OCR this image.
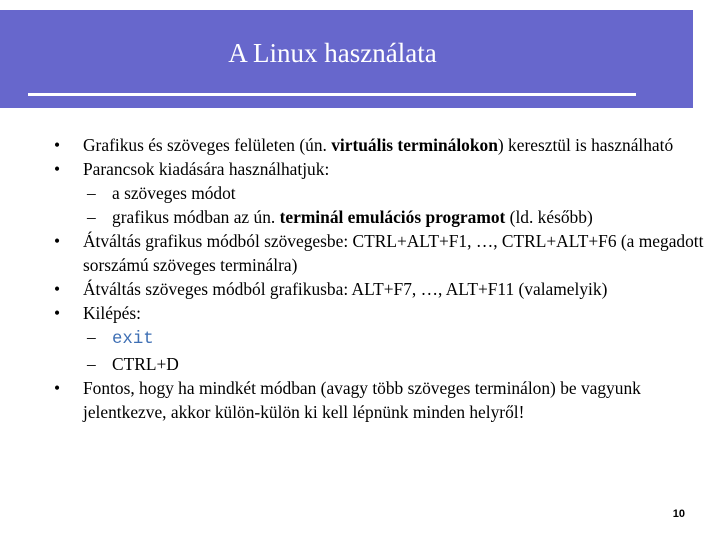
A Linux használata

• Grafikus és szöveges felületen (ún. virtuális terminálokon) keresztül is használható

• Parancsok kiadására használhatjuk:

– a szöveges módot

– grafikus módban az ún. terminál emulációs programot (ld. később)

• Átváltás grafikus módból szövegesbe: CTRL+ALT+F1, …, CTRL+ALT+F6 (a megadott sorszámú szöveges terminálra)

• Átváltás szöveges módból grafikusba: ALT+F7, …, ALT+F11 (valamelyik)

• Kilépés:

– exit

– CTRL+D

• Fontos, hogy ha mindkét módban (avagy több szöveges terminálon) be vagyunk jelentkezve, akkor külön-külön ki kell lépnünk minden helyről!

10
